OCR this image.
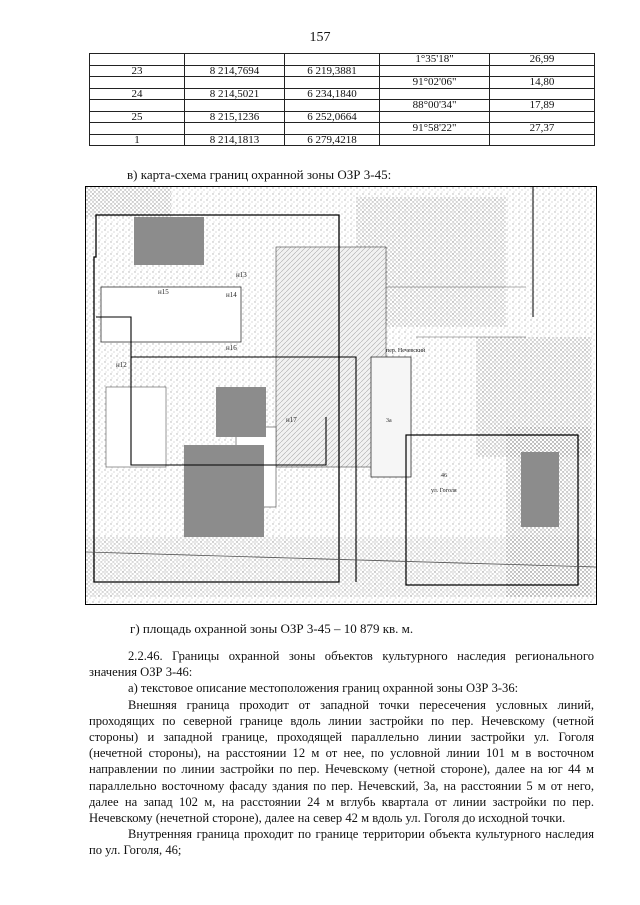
157
			1°35'18"	26,99
23	8 214,7694	6 219,3881		
			91°02'06"	14,80
24	8 214,5021	6 234,1840		
			88°00'34"	17,89
25	8 215,1236	6 252,0664		
			91°58'22"	27,37
1	8 214,1813	6 279,4218		
в) карта-схема границ охранной зоны ОЗР 3-45:
н13
н14
н15
н16
н12
н17
ул. Гоголя
пер. Нечевский
3а
46
г) площадь охранной зоны ОЗР 3-45 – 10 879 кв. м.

2.2.46. Границы охранной зоны объектов культурного наследия регионального значения ОЗР 3-46:

а) текстовое описание местоположения границ охранной зоны ОЗР 3-36:

Внешняя граница проходит от западной точки пересечения условных линий, проходящих по северной границе вдоль линии застройки по пер. Нечевскому (четной стороны) и западной границе, проходящей параллельно линии застройки ул. Гоголя (нечетной стороны), на расстоянии 12 м от нее, по условной линии 101 м в восточном направлении по линии застройки по пер. Нечевскому (четной стороне), далее на юг 44 м параллельно восточному фасаду здания по пер. Нечевский, 3а, на расстоянии 5 м от него, далее на запад 102 м, на расстоянии 24 м вглубь квартала от линии застройки по пер. Нечевскому (нечетной стороне), далее на север 42 м вдоль ул. Гоголя до исходной точки.

Внутренняя граница проходит по границе территории объекта культурного наследия по ул. Гоголя, 46;
